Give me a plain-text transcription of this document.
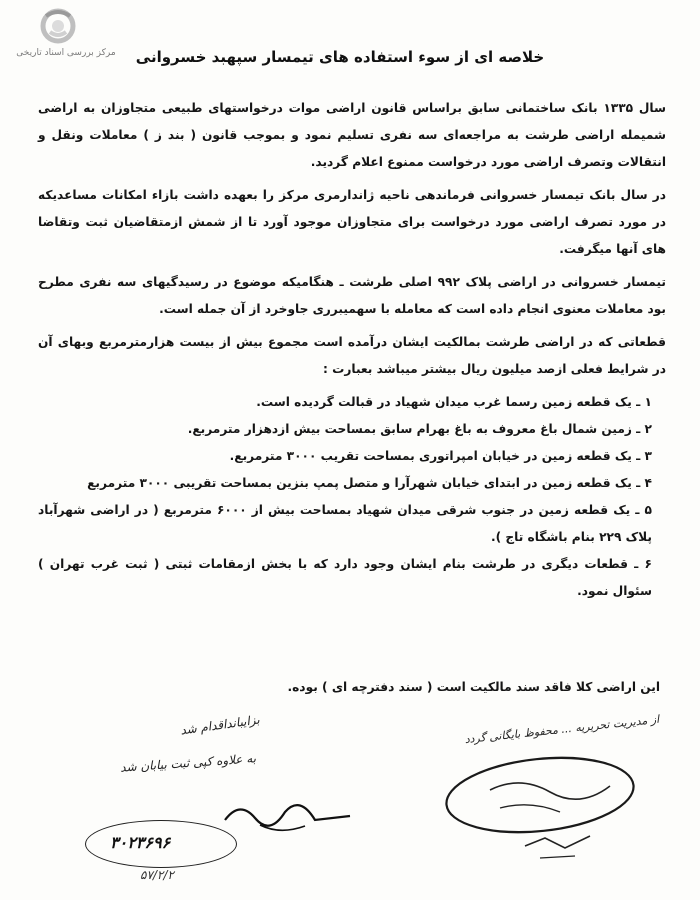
مرکز بررسی اسناد تاریخی	خلاصه ای از سوء استفاده های تیمسار سپهبد خسروانی

سال ۱۳۳۵ بانک ساختمانی سابق براساس قانون اراضی موات درخواستهای طبیعی متجاوزان به اراضی شمیمله اراضی طرشت به مراجعه‌ای سه نفری تسلیم نمود و بموجب قانون ( بند ز ) معاملات ونقل و انتقالات وتصرف اراضی مورد درخواست ممنوع اعلام گردید.

در سال بانک تیمسار خسروانی فرماندهی ناحیه ژاندارمری مرکز را بعهده داشت بازاء امکانات مساعدیکه در مورد تصرف اراضی مورد درخواست برای متجاوزان موجود آورد تا از شمش ازمتقاضیان ثبت وتقاضا های آنها میگرفت.

تیمسار خسروانی در اراضی پلاک ۹۹۲ اصلی طرشت ـ هنگامیکه موضوع در رسیدگیهای سه نفری مطرح بود معاملات معنوی انجام داده است که معامله با سهمیبرری جاوخرد از آن جمله است.

قطعاتی که در اراضی طرشت بمالکیت ایشان درآمده است مجموع بیش از بیست هزارمترمربع وبهای آن در شرایط فعلی ازصد میلیون ریال بیشتر میباشد بعبارت :

۱ ـ یک قطعه زمین رسما غرب میدان شهیاد در قبالت گردیده است.
۲ ـ زمین شمال باغ معروف به باغ بهرام سابق بمساحت بیش ازدهزار مترمربع.
۳ ـ یک قطعه زمین در خیابان امپراتوری بمساحت تقریب ۳۰۰۰ مترمربع.
۴ ـ یک قطعه زمین در ابتدای خیابان شهرآرا و متصل پمپ بنزین بمساحت تقریبی ۳۰۰۰ مترمربع
۵ ـ یک قطعه زمین در جنوب شرقی میدان شهیاد بمساحت بیش از ۶۰۰۰ مترمربع ( در اراضی شهرآباد پلاک ۲۲۹ بنام باشگاه تاج ).
۶ ـ قطعات دیگری در طرشت بنام ایشان وجود دارد که با بخش ازمقامات ثبتی ( ثبت غرب تهران ) سئوال نمود.
این اراضی کلا فاقد سند مالکیت است ( سند دفترچه ای ) بوده.
بزایبانداقدام شد
به علاوه کپی ثبت بیابان شد
از مدیریت تحریریه ... محفوظ بایگانی گردد
۳۰۲۳۶۹۶
۵۷/۲/۲
